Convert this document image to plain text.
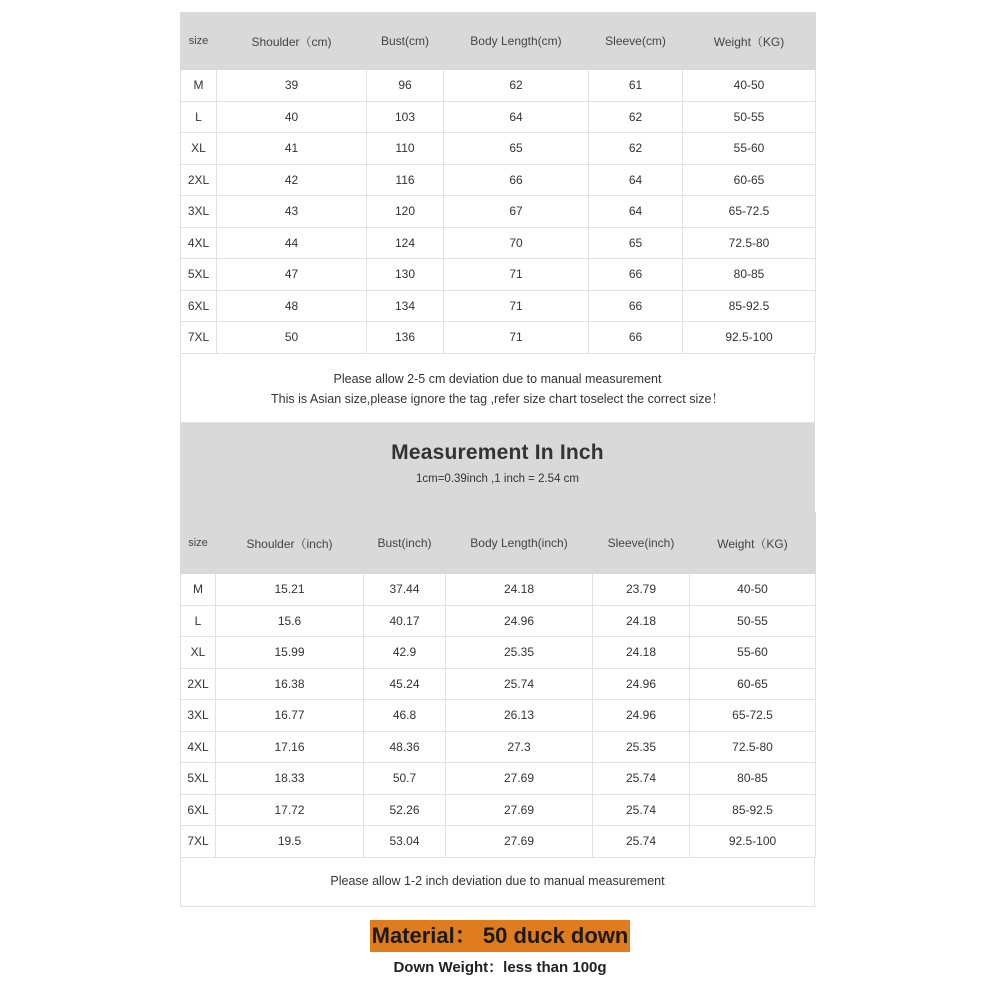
size	Shoulder（cm)	Bust(cm)	Body Length(cm)	Sleeve(cm)	Weight（KG)
M	39	96	62	61	40-50
L	40	103	64	62	50-55
XL	41	110	65	62	55-60
2XL	42	116	66	64	60-65
3XL	43	120	67	64	65-72.5
4XL	44	124	70	65	72.5-80
5XL	47	130	71	66	80-85
6XL	48	134	71	66	85-92.5
7XL	50	136	71	66	92.5-100
Please allow 2-5 cm deviation due to manual measurement
This is Asian size,please ignore the tag ,refer size chart toselect the correct size！
Measurement In Inch
1cm=0.39inch ,1 inch = 2.54 cm
size	Shoulder（inch)	Bust(inch)	Body Length(inch)	Sleeve(inch)	Weight（KG)
M	15.21	37.44	24.18	23.79	40-50
L	15.6	40.17	24.96	24.18	50-55
XL	15.99	42.9	25.35	24.18	55-60
2XL	16.38	45.24	25.74	24.96	60-65
3XL	16.77	46.8	26.13	24.96	65-72.5
4XL	17.16	48.36	27.3	25.35	72.5-80
5XL	18.33	50.7	27.69	25.74	80-85
6XL	17.72	52.26	27.69	25.74	85-92.5
7XL	19.5	53.04	27.69	25.74	92.5-100
Please allow 1-2 inch deviation due to manual measurement
Material： 50 duck down
Down Weight：less than 100g
